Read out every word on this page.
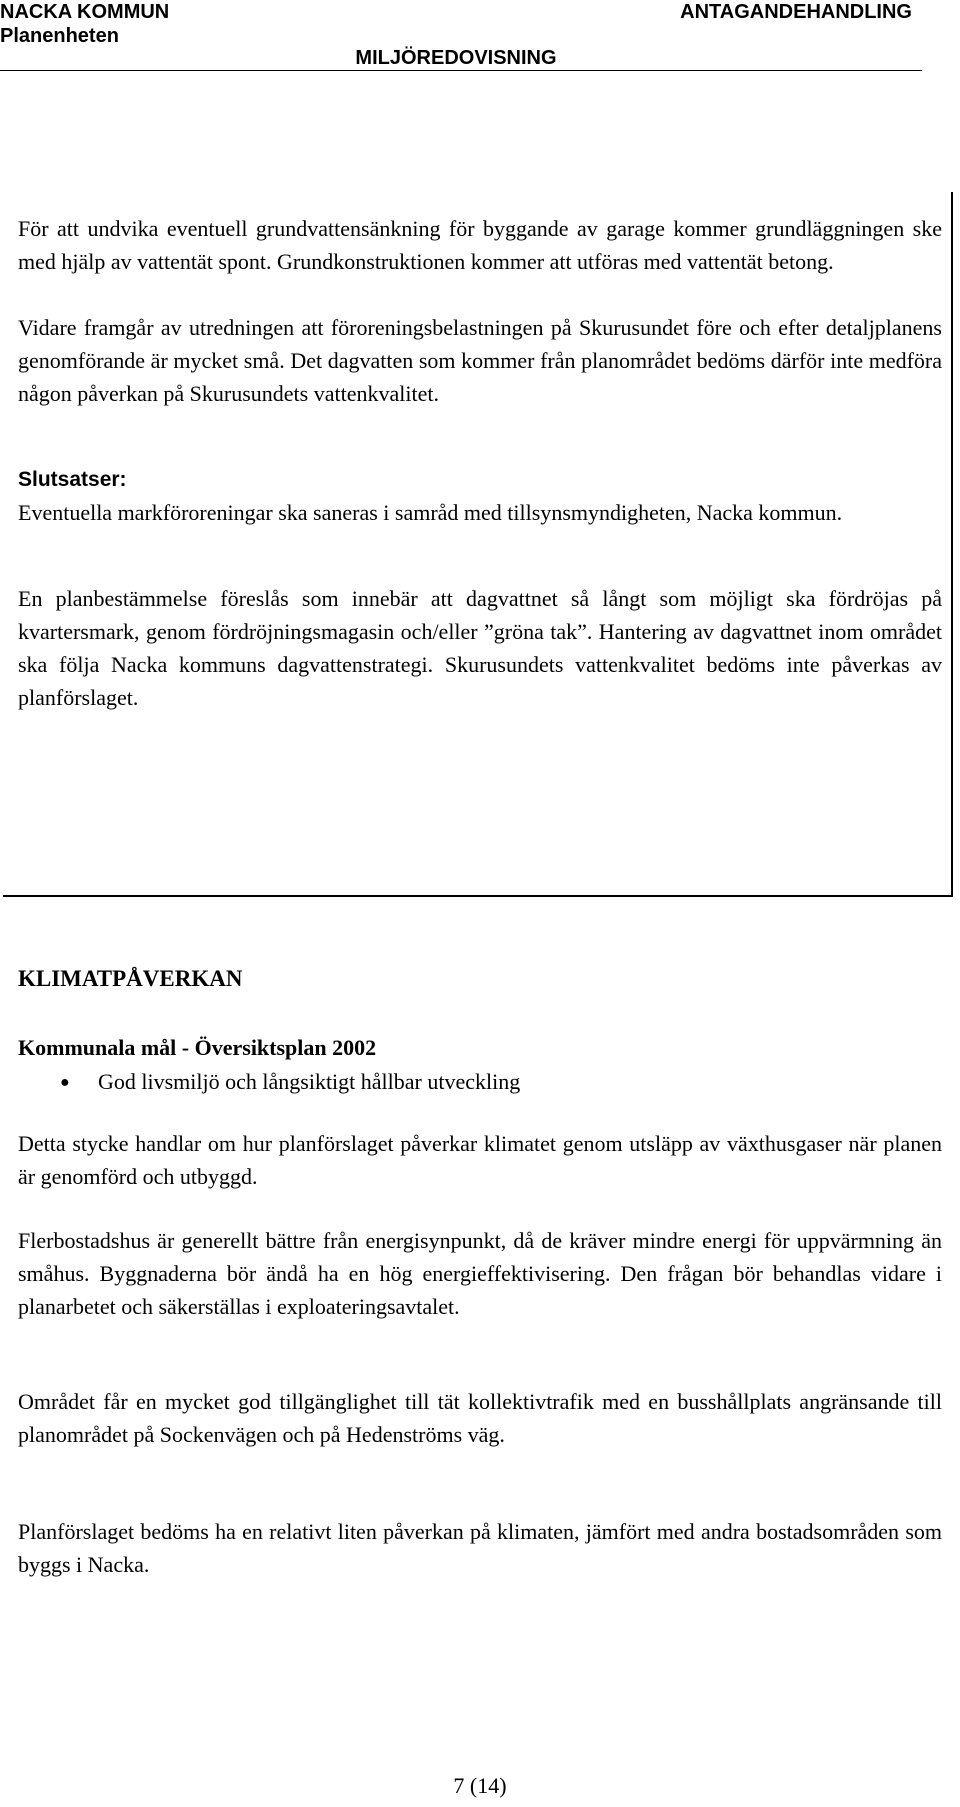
NACKA KOMMUN
Planenheten
ANTAGANDEHANDLING
MILJÖREDOVISNING

För att undvika eventuell grundvattensänkning för byggande av garage kommer grundläggningen ske med hjälp av vattentät spont. Grundkonstruktionen kommer att utföras med vattentät betong.

Vidare framgår av utredningen att föroreningsbelastningen på Skurusundet före och efter detaljplanens genomförande är mycket små. Det dagvatten som kommer från planområdet bedöms därför inte medföra någon påverkan på Skurusundets vattenkvalitet.

Slutsatser:

Eventuella markföroreningar ska saneras i samråd med tillsynsmyndigheten, Nacka kommun.

En planbestämmelse föreslås som innebär att dagvattnet så långt som möjligt ska fördröjas på kvartersmark, genom fördröjningsmagasin och/eller ”gröna tak”. Hantering av dagvattnet inom området ska följa Nacka kommuns dagvattenstrategi. Skurusundets vattenkvalitet bedöms inte påverkas av planförslaget.

KLIMATPÅVERKAN

Kommunala mål - Översiktsplan 2002

● God livsmiljö och långsiktigt hållbar utveckling

Detta stycke handlar om hur planförslaget påverkar klimatet genom utsläpp av växthusgaser när planen är genomförd och utbyggd.

Flerbostadshus är generellt bättre från energisynpunkt, då de kräver mindre energi för uppvärmning än småhus. Byggnaderna bör ändå ha en hög energieffektivisering. Den frågan bör behandlas vidare i planarbetet och säkerställas i exploateringsavtalet.

Området får en mycket god tillgänglighet till tät kollektivtrafik med en busshållplats angränsande till planområdet på Sockenvägen och på Hedenströms väg.

Planförslaget bedöms ha en relativt liten påverkan på klimaten, jämfört med andra bostadsområden som byggs i Nacka.

7 (14)
